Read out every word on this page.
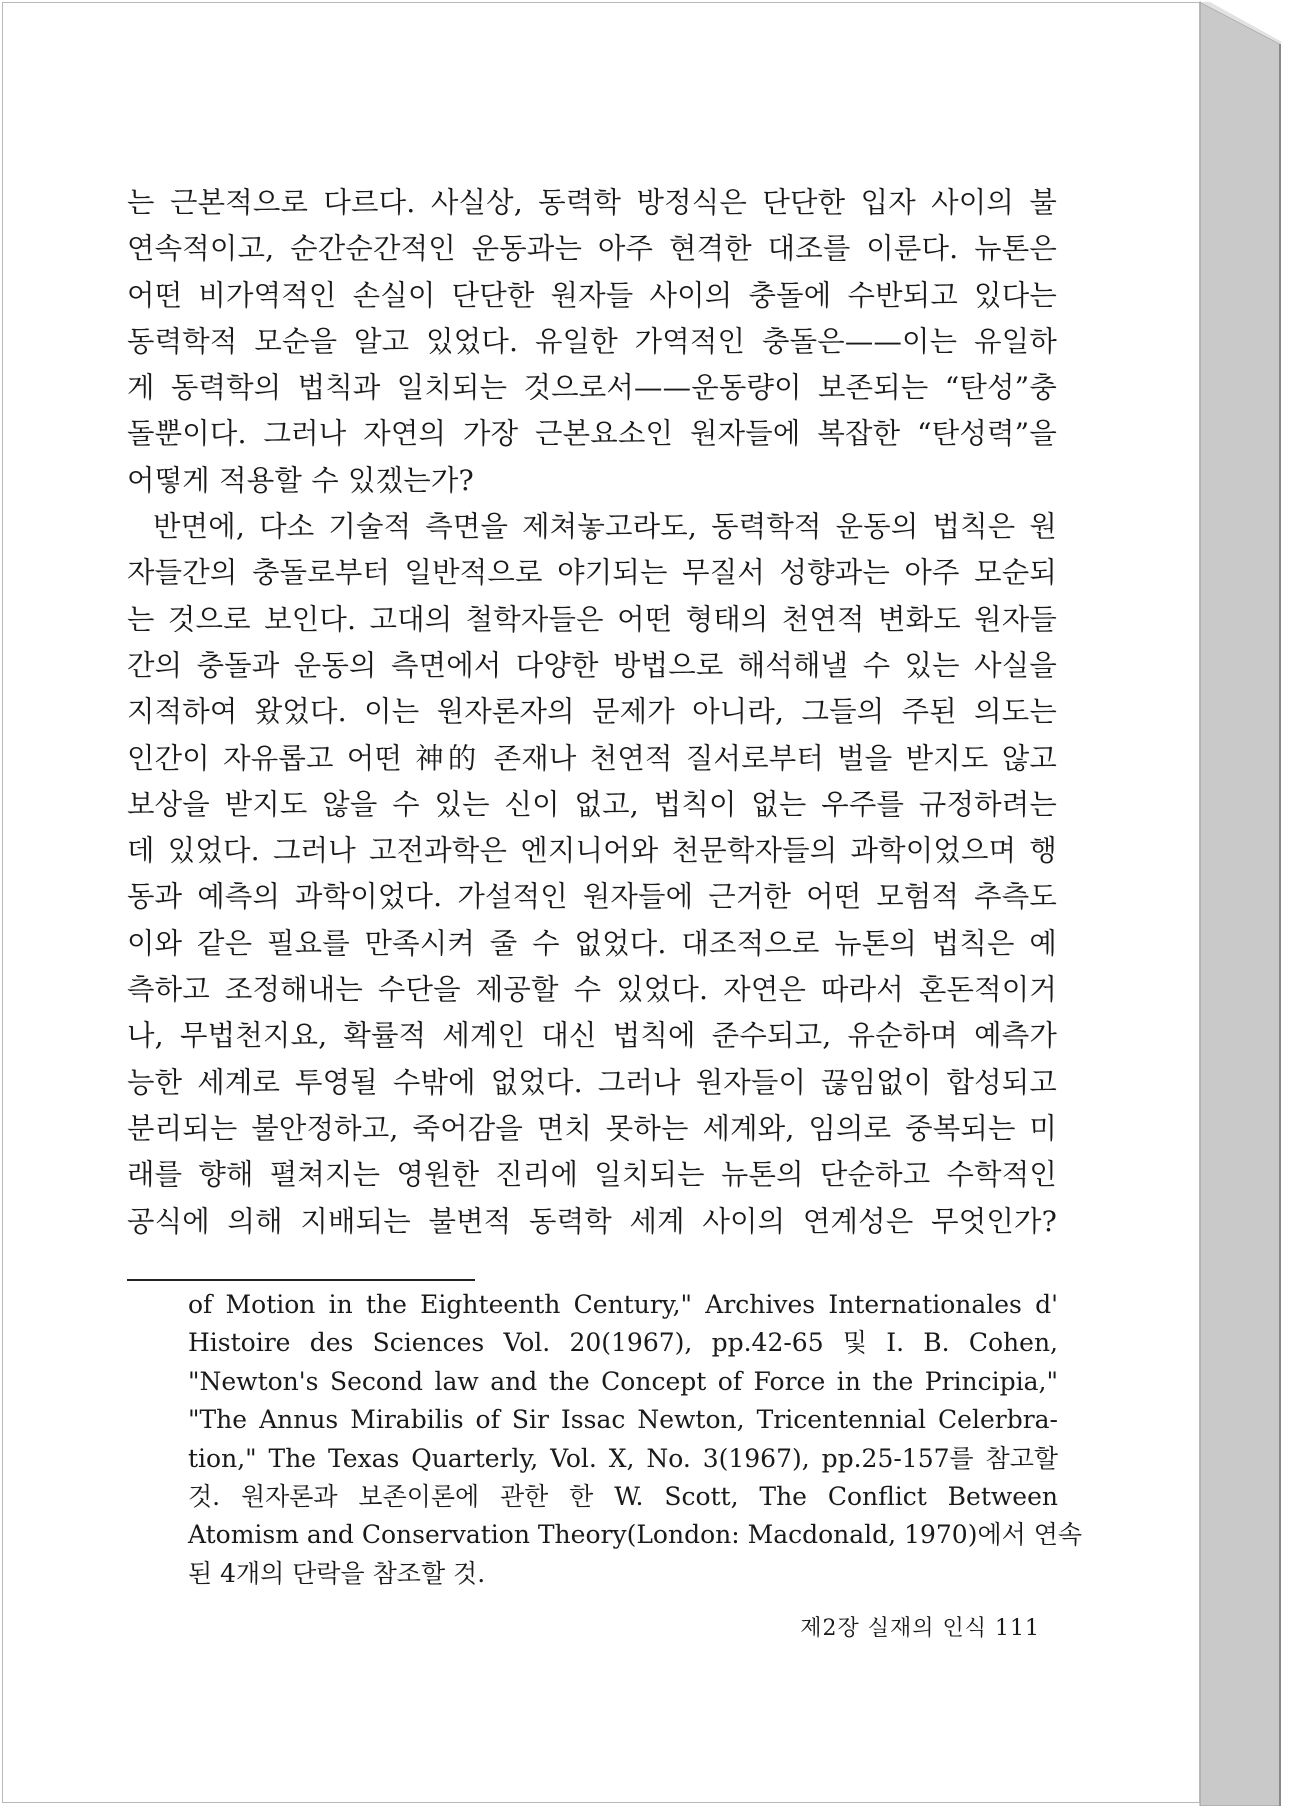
는 근본적으로 다르다. 사실상, 동력학 방정식은 단단한 입자 사이의 불
연속적이고, 순간순간적인 운동과는 아주 현격한 대조를 이룬다. 뉴톤은
어떤 비가역적인 손실이 단단한 원자들 사이의 충돌에 수반되고 있다는
동력학적 모순을 알고 있었다. 유일한 가역적인 충돌은——이는 유일하
게 동력학의 법칙과 일치되는 것으로서——운동량이 보존되는 “탄성”충
돌뿐이다. 그러나 자연의 가장 근본요소인 원자들에 복잡한 “탄성력”을
어떻게 적용할 수 있겠는가?
반면에, 다소 기술적 측면을 제쳐놓고라도, 동력학적 운동의 법칙은 원
자들간의 충돌로부터 일반적으로 야기되는 무질서 성향과는 아주 모순되
는 것으로 보인다. 고대의 철학자들은 어떤 형태의 천연적 변화도 원자들
간의 충돌과 운동의 측면에서 다양한 방법으로 해석해낼 수 있는 사실을
지적하여 왔었다. 이는 원자론자의 문제가 아니라, 그들의 주된 의도는
인간이 자유롭고 어떤 神的 존재나 천연적 질서로부터 벌을 받지도 않고
보상을 받지도 않을 수 있는 신이 없고, 법칙이 없는 우주를 규정하려는
데 있었다. 그러나 고전과학은 엔지니어와 천문학자들의 과학이었으며 행
동과 예측의 과학이었다. 가설적인 원자들에 근거한 어떤 모험적 추측도
이와 같은 필요를 만족시켜 줄 수 없었다. 대조적으로 뉴톤의 법칙은 예
측하고 조정해내는 수단을 제공할 수 있었다. 자연은 따라서 혼돈적이거
나, 무법천지요, 확률적 세계인 대신 법칙에 준수되고, 유순하며 예측가
능한 세계로 투영될 수밖에 없었다. 그러나 원자들이 끊임없이 합성되고
분리되는 불안정하고, 죽어감을 면치 못하는 세계와, 임의로 중복되는 미
래를 향해 펼쳐지는 영원한 진리에 일치되는 뉴톤의 단순하고 수학적인
공식에 의해 지배되는 불변적 동력학 세계 사이의 연계성은 무엇인가?
of Motion in the Eighteenth Century," Archives Internationales d'
Histoire des Sciences Vol. 20(1967), pp.42-65 및 I. B. Cohen,
"Newton's Second law and the Concept of Force in the Principia,"
"The Annus Mirabilis of Sir Issac Newton, Tricentennial Celerbra-
tion," The Texas Quarterly, Vol. X, No. 3(1967), pp.25-157를 참고할
것. 원자론과 보존이론에 관한 한 W. Scott, The Conflict Between
Atomism and Conservation Theory(London: Macdonald, 1970)에서 연속
된 4개의 단락을 참조할 것.
제2장 실재의 인식 111
